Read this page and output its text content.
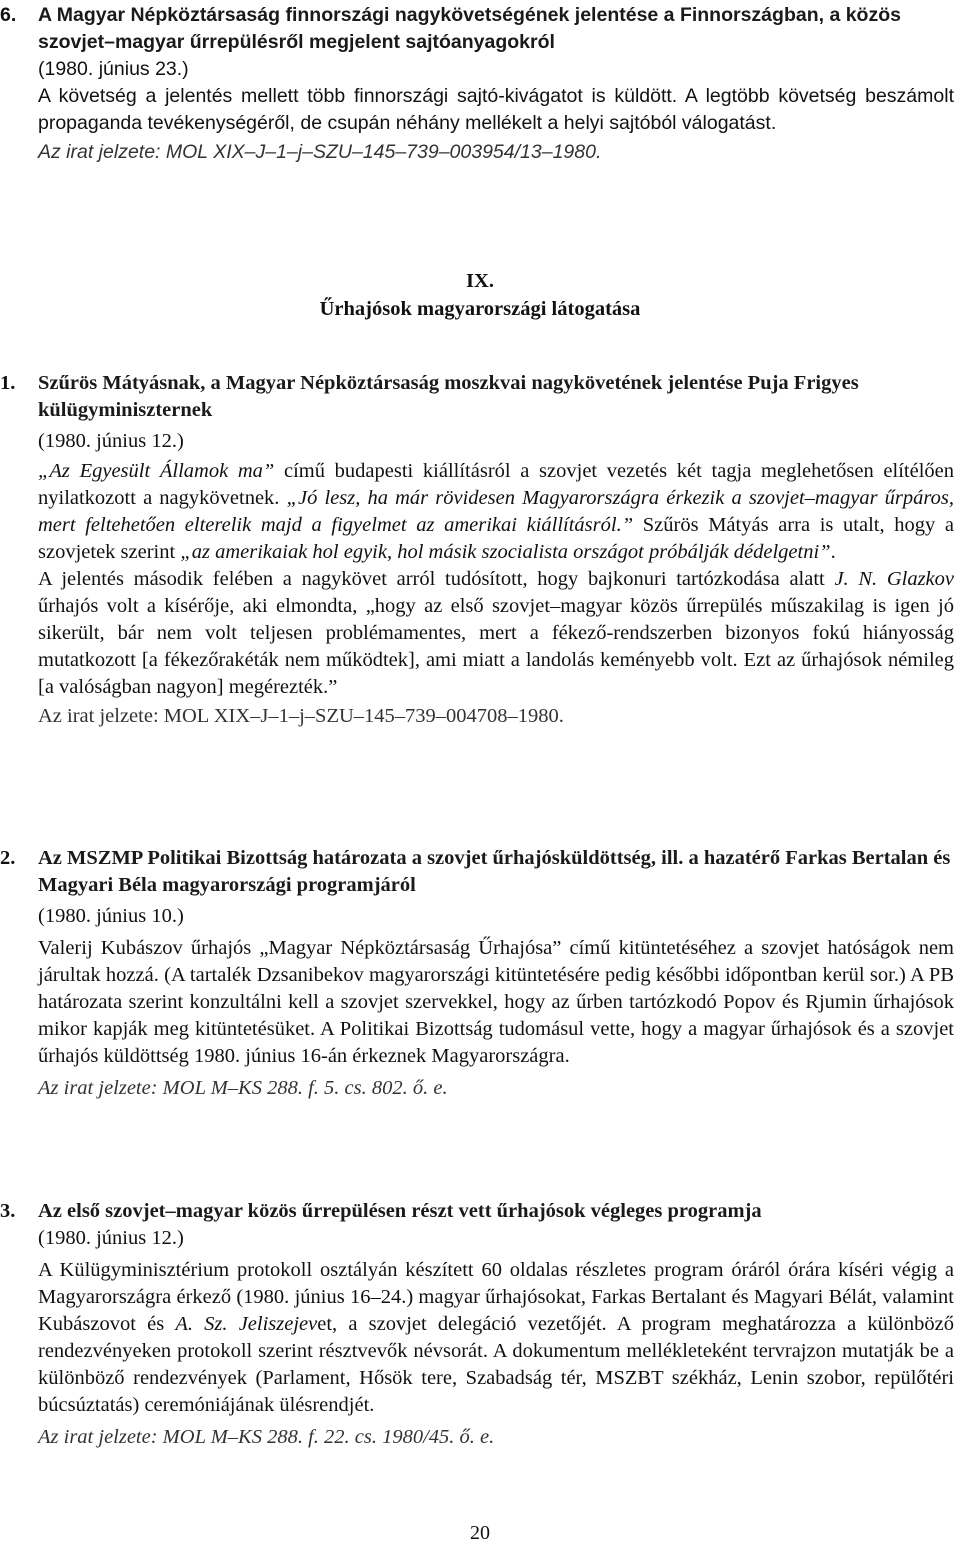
6. A Magyar Népköztársaság finnországi nagykövetségének jelentése a Finnországban, a közös szovjet–magyar űrrepülésről megjelent sajtóanyagokról
(1980. június 23.)
A követség a jelentés mellett több finnországi sajtó-kivágatot is küldött. A legtöbb követség beszámolt propaganda tevékenységéről, de csupán néhány mellékelt a helyi sajtóból válogatást.
Az irat jelzete: MOL XIX–J–1–j–SZU–145–739–003954/13–1980.
IX.
Űrhajósok magyarországi látogatása
1. Szűrös Mátyásnak, a Magyar Népköztársaság moszkvai nagykövetének jelentése Puja Frigyes külügyminiszternek
(1980. június 12.)
„Az Egyesült Államok ma” című budapesti kiállításról a szovjet vezetés két tagja meglehetősen elítélően nyilatkozott a nagykövetnek. „Jó lesz, ha már rövidesen Magyarországra érkezik a szovjet–magyar űrpáros, mert feltehetően elterelik majd a figyelmet az amerikai kiállításról.” Szűrös Mátyás arra is utalt, hogy a szovjetek szerint „az amerikaiak hol egyik, hol másik szocialista országot próbálják dédelgetni”.
A jelentés második felében a nagykövet arról tudósított, hogy bajkonuri tartózkodása alatt J. N. Glazkov űrhajós volt a kísérője, aki elmondta, „hogy az első szovjet–magyar közös űrrepülés műszakilag is igen jó sikerült, bár nem volt teljesen problémamentes, mert a fékező-rendszerben bizonyos fokú hiányosság mutatkozott [a fékezőrakéták nem működtek], ami miatt a landolás keményebb volt. Ezt az űrhajósok némileg [a valóságban nagyon] megérezték.”
Az irat jelzete: MOL XIX–J–1–j–SZU–145–739–004708–1980.
2. Az MSZMP Politikai Bizottság határozata a szovjet űrhajósküldöttség, ill. a hazatérő Farkas Bertalan és Magyari Béla magyarországi programjáról
(1980. június 10.)
Valerij Kubászov űrhajós „Magyar Népköztársaság Űrhajósa” című kitüntetéséhez a szovjet hatóságok nem járultak hozzá. (A tartalék Dzsanibekov magyarországi kitüntetésére pedig későbbi időpontban kerül sor.) A PB határozata szerint konzultálni kell a szovjet szervekkel, hogy az űrben tartózkodó Popov és Rjumin űrhajósok mikor kapják meg kitüntetésüket. A Politikai Bizottság tudomásul vette, hogy a magyar űrhajósok és a szovjet űrhajós küldöttség 1980. június 16-án érkeznek Magyarországra.
Az irat jelzete: MOL M–KS 288. f. 5. cs. 802. ő. e.
3. Az első szovjet–magyar közös űrrepülésen részt vett űrhajósok végleges programja
(1980. június 12.)
A Külügyminisztérium protokoll osztályán készített 60 oldalas részletes program óráról órára kíséri végig a Magyarországra érkező (1980. június 16–24.) magyar űrhajósokat, Farkas Bertalant és Magyari Bélát, valamint Kubászovot és A. Sz. Jeliszejevet, a szovjet delegáció vezetőjét. A program meghatározza a különböző rendezvényeken protokoll szerint résztvevők névsorát. A dokumentum mellékleteként tervrajzon mutatják be a különböző rendezvények (Parlament, Hősök tere, Szabadság tér, MSZBT székház, Lenin szobor, repülőtéri búcsúztatás) ceremóniájának ülésrendjét.
Az irat jelzete: MOL M–KS 288. f. 22. cs. 1980/45. ő. e.
20
